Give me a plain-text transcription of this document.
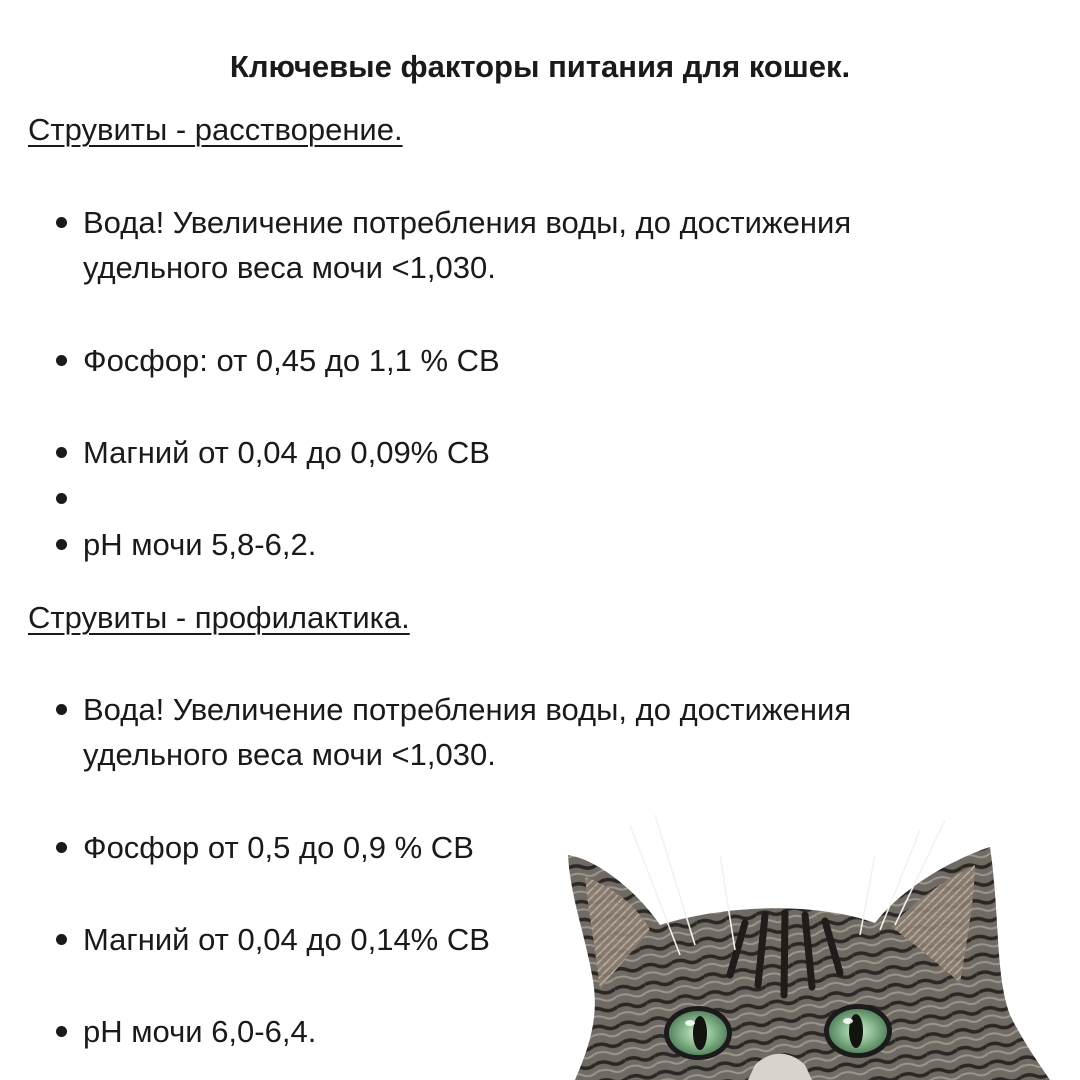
Ключевые факторы питания для кошек.
Струвиты - расстворение.
Вода! Увеличение потребления воды, до достижения удельного веса мочи <1,030.
Фосфор: от 0,45 до 1,1 % СВ
Магний от 0,04 до 0,09% СВ
pH мочи 5,8-6,2.
Струвиты - профилактика.
Вода! Увеличение потребления воды, до достижения удельного веса мочи <1,030.
Фосфор от 0,5 до 0,9 % СВ
Магний от 0,04 до 0,14% СВ
pH мочи 6,0-6,4.
